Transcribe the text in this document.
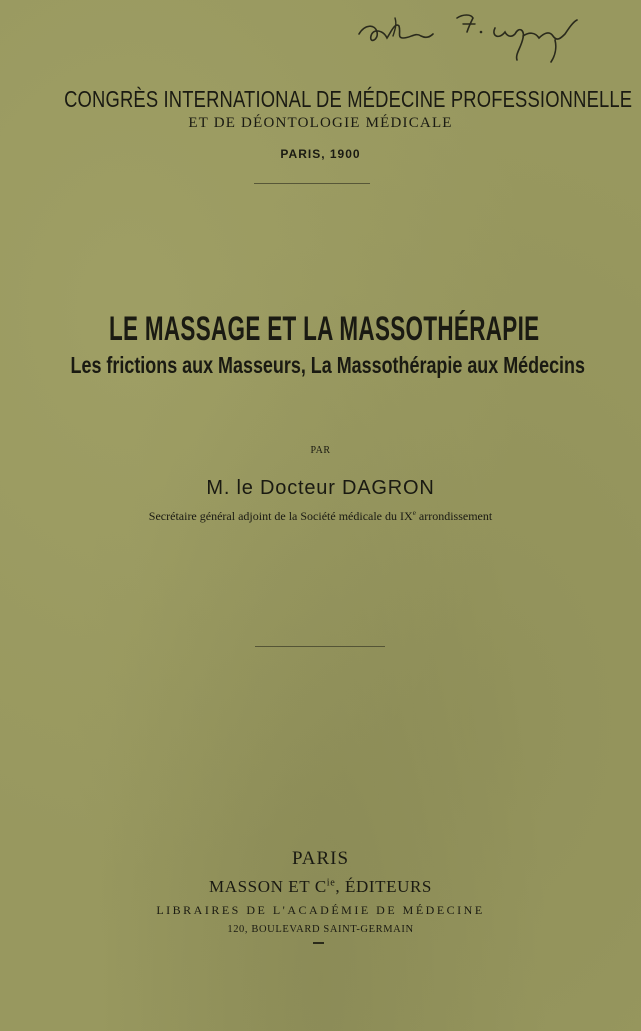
CONGRÈS INTERNATIONAL DE MÉDECINE PROFESSIONNELLE
ET DE DÉONTOLOGIE MÉDICALE
PARIS, 1900
LE MASSAGE ET LA MASSOTHÉRAPIE
Les frictions aux Masseurs, La Massothérapie aux Médecins
PAR
M. le Docteur DAGRON
Secrétaire général adjoint de la Société médicale du IXe arrondissement
PARIS
MASSON ET $C^{ie}$, ÉDITEURS
LIBRAIRES DE L'ACADÉMIE DE MÉDECINE
120, BOULEVARD SAINT-GERMAIN
